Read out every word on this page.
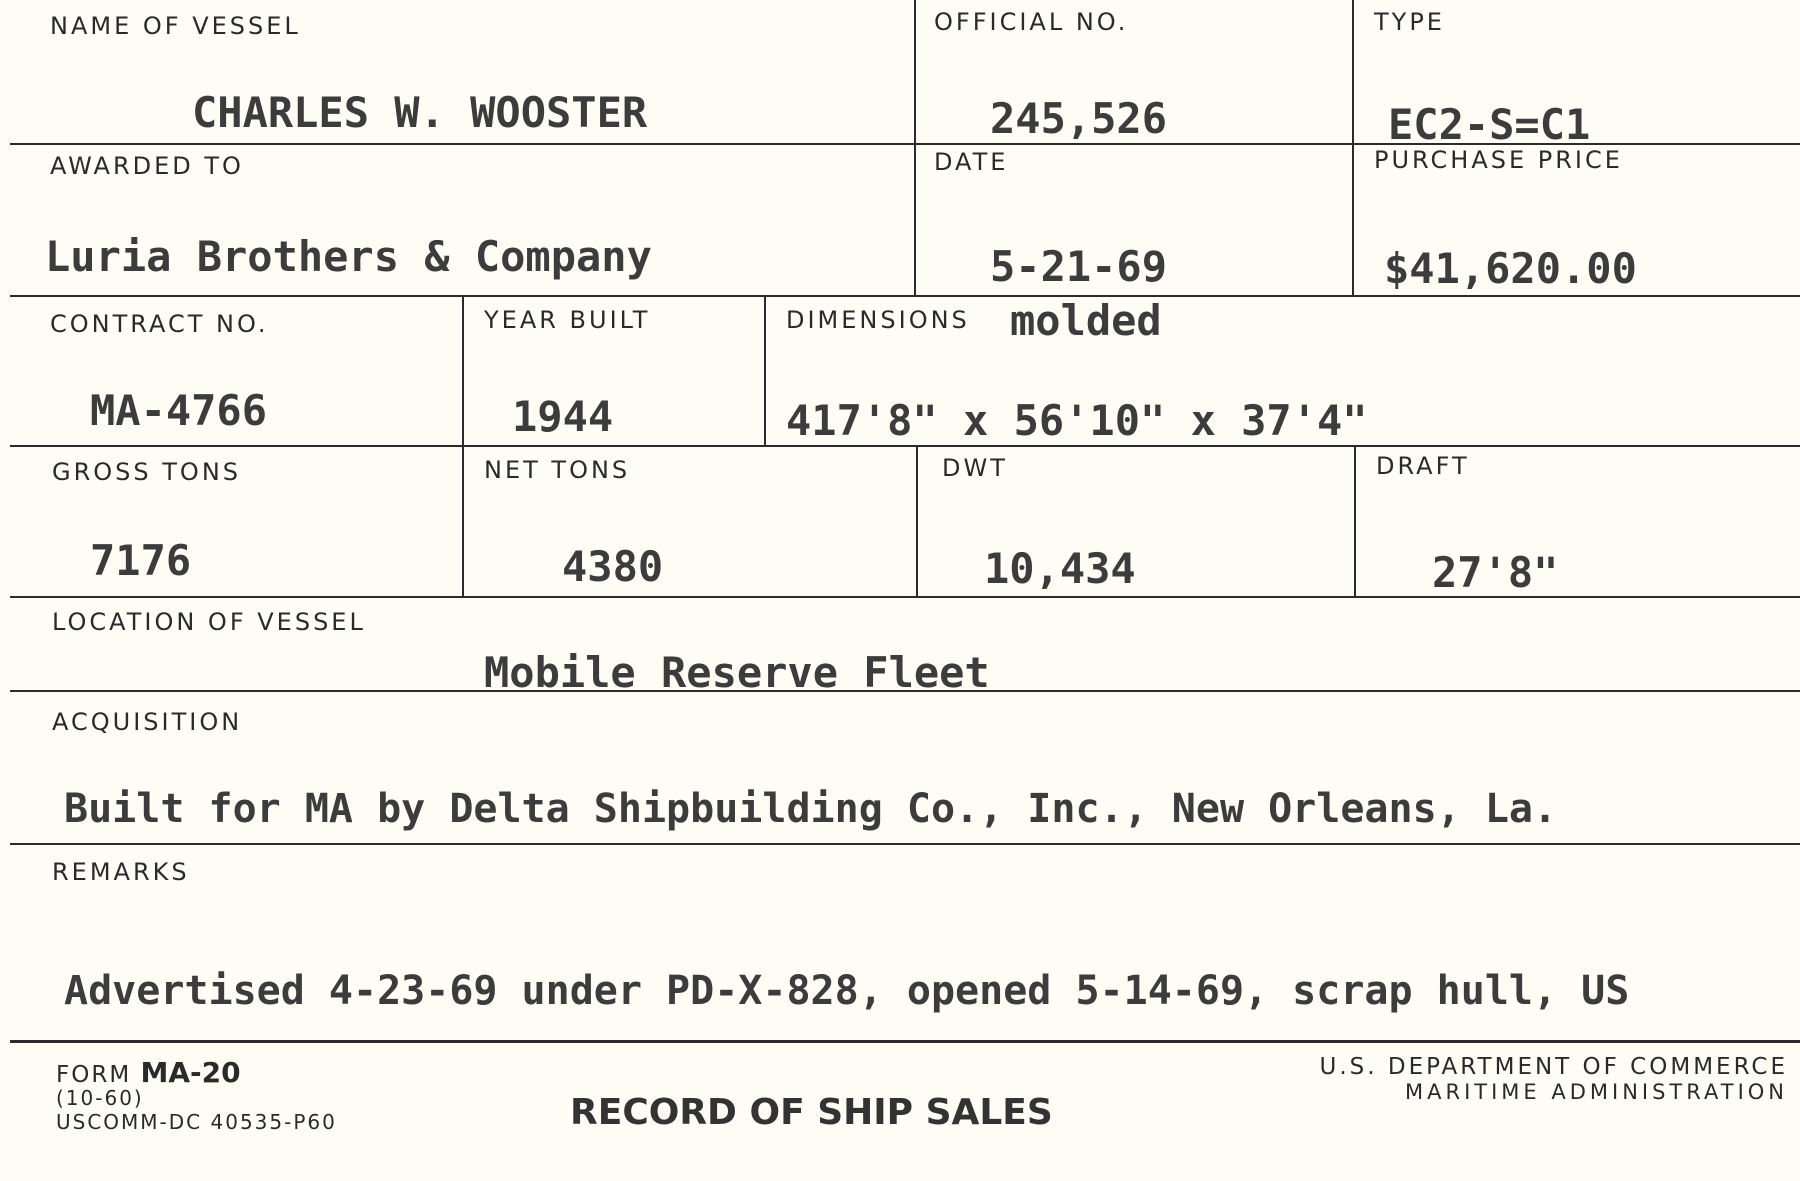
NAME OF VESSEL
CHARLES W. WOOSTER
OFFICIAL NO.
245,526
TYPE
EC2-S=C1
AWARDED TO
Luria Brothers & Company
DATE
5-21-69
PURCHASE PRICE
$41,620.00
CONTRACT NO.
MA-4766
YEAR BUILT
1944
DIMENSIONS molded
417'8" x 56'10" x 37'4"
GROSS TONS
7176
NET TONS
4380
DWT
10,434
DRAFT
27'8"
LOCATION OF VESSEL
Mobile Reserve Fleet
ACQUISITION
Built for MA by Delta Shipbuilding Co., Inc., New Orleans, La.
REMARKS
Advertised 4-23-69 under PD-X-828, opened 5-14-69, scrap hull, US
FORM MA-20
(10-60)
USCOMM-DC 40535-P60	RECORD OF SHIP SALES
U.S. DEPARTMENT OF COMMERCE
MARITIME ADMINISTRATION
